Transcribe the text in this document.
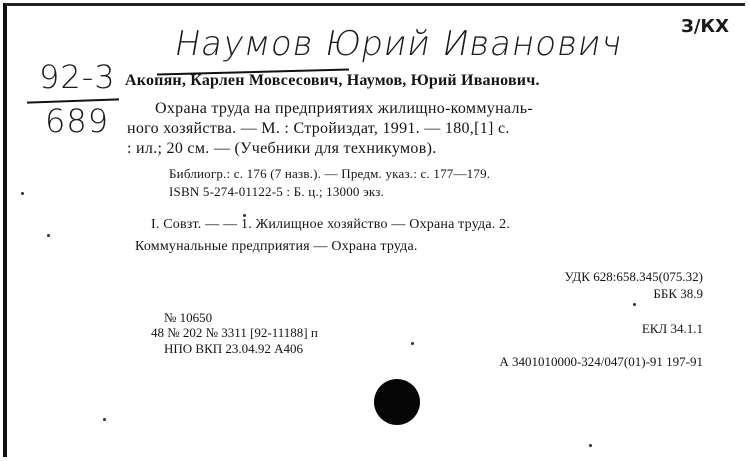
Наумов Юрий Иванович	З/КХ
92-3
689
Акопян, Карлен Мовсесович, Наумов, Юрий Иванович.
Охрана труда на предприятиях жилищно-коммуналь-
ного хозяйства. — М. : Стройиздат, 1991. — 180,[1] с.
: ил.; 20 см. — (Учебники для техникумов).
Библиогр.: с. 176 (7 назв.). — Предм. указ.: с. 177—179.
ISBN 5-274-01122-5 : Б. ц.; 13000 экз.
I. Совзт. — — 1. Жилищное хозяйство — Охрана труда. 2.
Коммунальные предприятия — Охрана труда.
УДК 628:658.345(075.32)
ББК 38.9
№ 10650
48 № 202 № 3311 [92-11188] п	ЕКЛ 34.1.1
НПО ВКП 23.04.92 А406
А 3401010000-324/047(01)-91 197-91
